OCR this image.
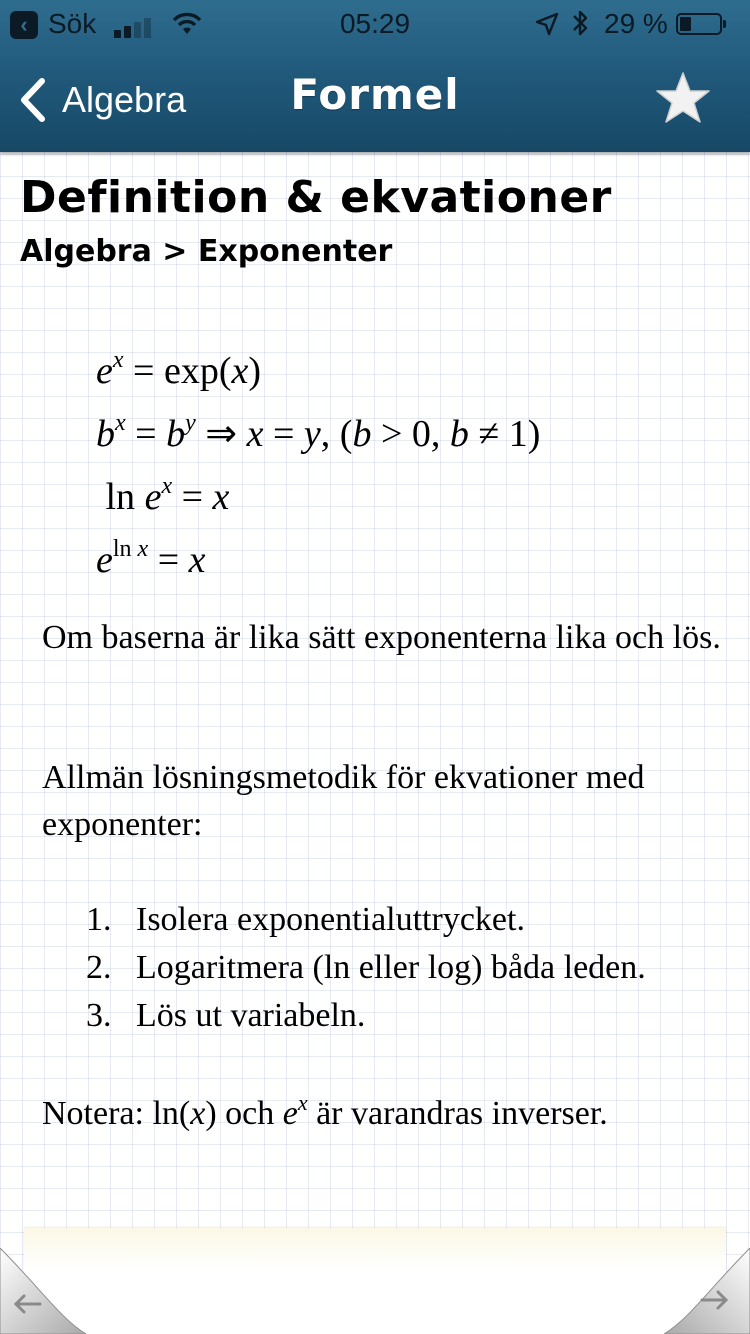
‹ Sök	05:29	29 %
Algebra	Formel
Definition & ekvationer
Algebra > Exponenter
$e^x = \exp(x)$
$b^x = b^y$ ⇒ x = y, (b > 0, b ≠ 1)
$\ln e^x = x$
$e^{ln x} = x$

Om baserna är lika sätt exponenterna lika och lös.

Allmän lösningsmetodik för ekvationer med exponenter:

1. Isolera exponentialuttrycket.
2. Logaritmera (ln eller log) båda leden.
3. Lös ut variabeln.

Notera: ln(x) och $e^x$ är varandras inverser.
